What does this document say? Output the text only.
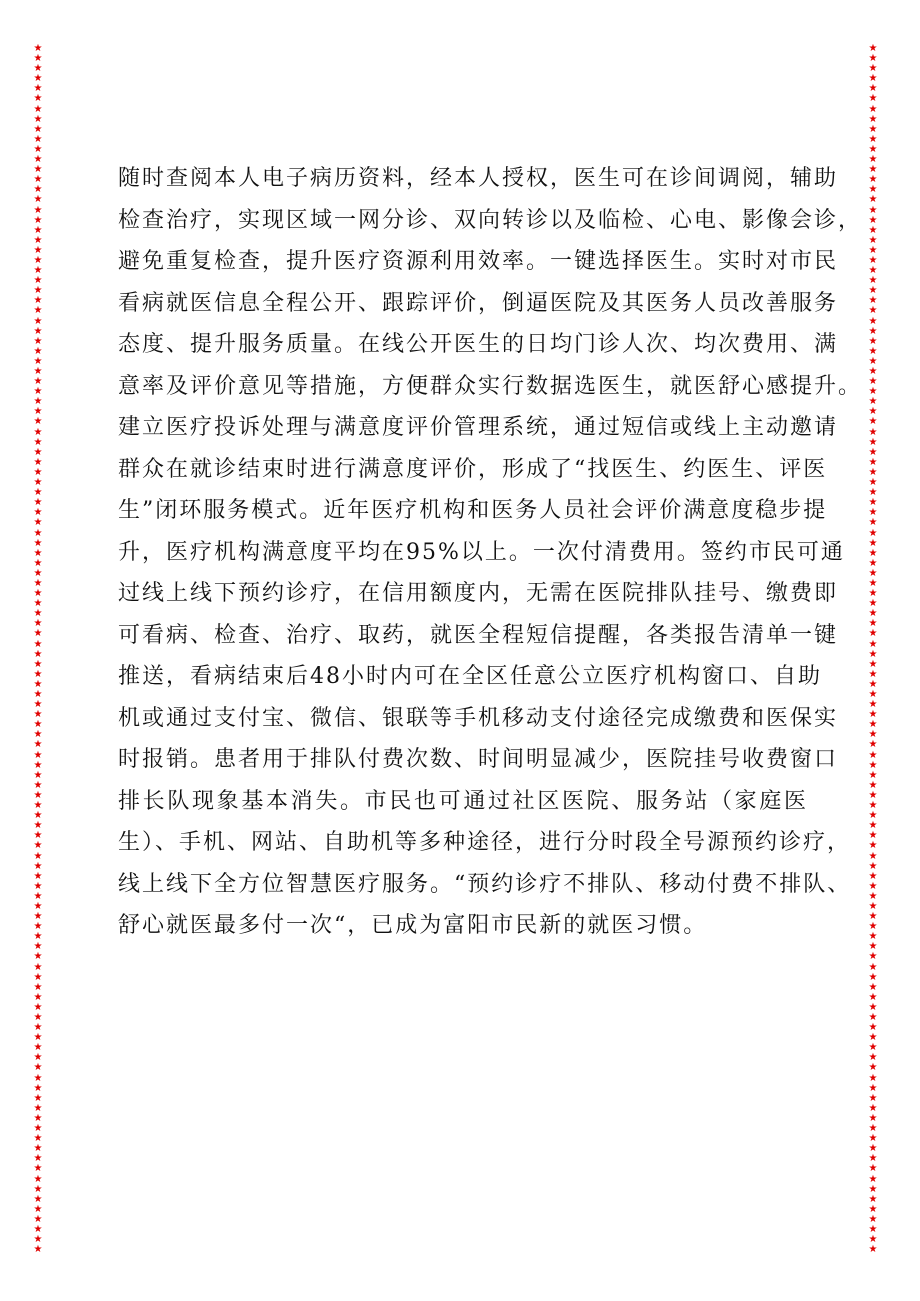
★
★
★
★
★
★
★
★
★
★
★
★
★
★
★
★
★
★
★
★
★
★
★
★
★
★
★
★
★
★
★
★
★
★
★
★
★
★
★
★
★
★
★
★
★
★
★
★
★
★
★
★
★
★
★
★
★
★
★
★
★
★
★
★
★
★
★
★
★
★
★
★
★
★
★
★
★
★
★
★
★
★
★
★
★
★
★
★
★
★
★
★
★
★
★
★
★
★
★
★
★
★
★
★
★
★
★
★
★
★
★
★
★
★
★
★
★
★
★
★
★
★
★
★
★
★
★
★
★
★
★
★
★
★
★
★
★
★
★
★
★
★
★
★
★
★
★
★
★
★
★
★
★
★
★
★
★
★
★
★
★
★
★
★
★
★
★
★
★
★
★
★
★
★
★
★
★
★
★
★
★
★
★
★
★
★
★
★
★
★
★
★
★
★
★
★
★
★
★
★
★
★
★
★
★
★
★
★
★
★
★
★
★
★
★
★
★
★
★
★
★
★
★
★
★
★
★
★
★
★
★
★
★
★
★
★
★
★
★
★
随时查阅本人电子病历资料，经本人授权，医生可在诊间调阅，辅助
检查治疗，实现区域一网分诊、双向转诊以及临检、心电、影像会诊，
避免重复检查，提升医疗资源利用效率。一键选择医生。实时对市民
看病就医信息全程公开、跟踪评价，倒逼医院及其医务人员改善服务
态度、提升服务质量。在线公开医生的日均门诊人次、均次费用、满
意率及评价意见等措施，方便群众实行数据选医生，就医舒心感提升。
建立医疗投诉处理与满意度评价管理系统，通过短信或线上主动邀请
群众在就诊结束时进行满意度评价，形成了“找医生、约医生、评医
生”闭环服务模式。近年医疗机构和医务人员社会评价满意度稳步提
升，医疗机构满意度平均在95%以上。一次付清费用。签约市民可通
过线上线下预约诊疗，在信用额度内，无需在医院排队挂号、缴费即
可看病、检查、治疗、取药，就医全程短信提醒，各类报告清单一键
推送，看病结束后48小时内可在全区任意公立医疗机构窗口、自助
机或通过支付宝、微信、银联等手机移动支付途径完成缴费和医保实
时报销。患者用于排队付费次数、时间明显减少，医院挂号收费窗口
排长队现象基本消失。市民也可通过社区医院、服务站（家庭医
生）、手机、网站、自助机等多种途径，进行分时段全号源预约诊疗，
线上线下全方位智慧医疗服务。“预约诊疗不排队、移动付费不排队、
舒心就医最多付一次“，已成为富阳市民新的就医习惯。
